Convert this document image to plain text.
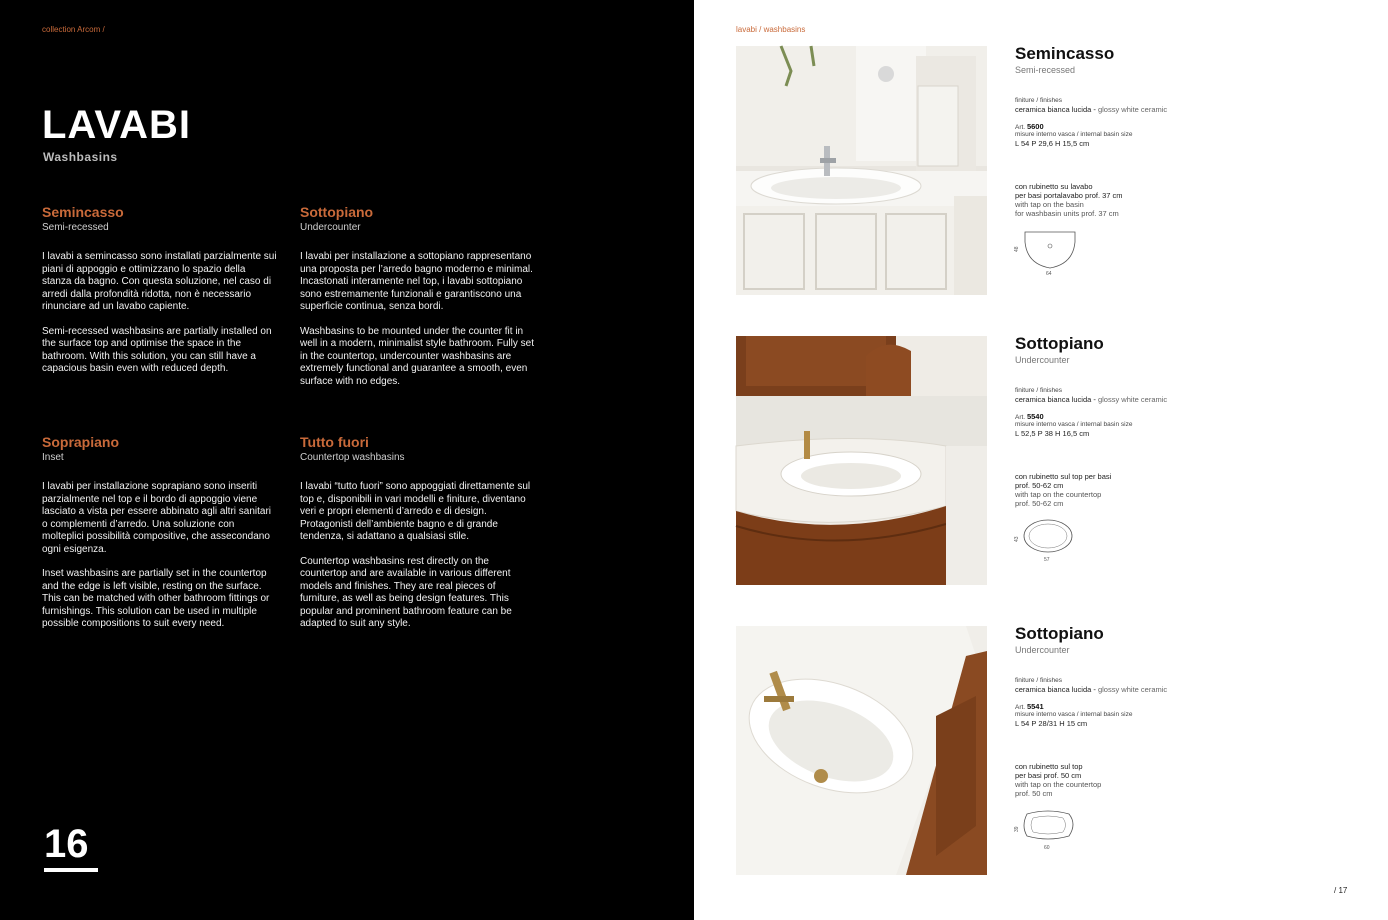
collection Arcom /
LAVABI
Washbasins
Semincasso
Semi-recessed

I lavabi a semincasso sono installati parzialmente sui piani di appoggio e ottimizzano lo spazio della stanza da bagno. Con questa soluzione, nel caso di arredi dalla profondità ridotta, non è necessario rinunciare ad un lavabo capiente.

Semi-recessed washbasins are partially installed on the surface top and optimise the space in the bathroom. With this solution, you can still have a capacious basin even with reduced depth.

Sottopiano
Undercounter

I lavabi per installazione a sottopiano rappresentano una proposta per l’arredo bagno moderno e minimal. Incastonati interamente nel top, i lavabi sottopiano sono estremamente funzionali e garantiscono una superficie continua, senza bordi.

Washbasins to be mounted under the counter fit in well in a modern, minimalist style bathroom. Fully set in the countertop, undercounter washbasins are extremely functional and guarantee a smooth, even surface with no edges.

Soprapiano
Inset

I lavabi per installazione soprapiano sono inseriti parzialmente nel top e il bordo di appoggio viene lasciato a vista per essere abbinato agli altri sanitari o complementi d’arredo. Una soluzione con molteplici possibilità compositive, che assecondano ogni esigenza.

Inset washbasins are partially set in the countertop and the edge is left visible, resting on the surface. This can be matched with other bathroom fittings or furnishings. This solution can be used in multiple possible compositions to suit every need.

Tutto fuori
Countertop washbasins

I lavabi “tutto fuori” sono appoggiati direttamente sul top e, disponibili in vari modelli e finiture, diventano veri e propri elementi d’arredo e di design. Protagonisti dell’ambiente bagno e di grande tendenza, si adattano a qualsiasi stile.

Countertop washbasins rest directly on the countertop and are available in various different models and finishes. They are real pieces of furniture, as well as being design features. This popular and prominent bathroom feature can be adapted to suit any style.

16
lavabi / washbasins
Semincasso
Semi-recessed
finiture / finishes
ceramica bianca lucida - glossy white ceramic
Art. 5600
misure interno vasca / internal basin size
L 54 P 29,6 H 15,5 cm
con rubinetto su lavabo
per basi portalavabo prof. 37 cm
with tap on the basin
for washbasin units prof. 37 cm
48
64
Sottopiano
Undercounter
finiture / finishes
ceramica bianca lucida - glossy white ceramic
Art. 5540
misure interno vasca / internal basin size
L 52,5 P 38 H 16,5 cm
con rubinetto sul top per basi
prof. 50-62 cm
with tap on the countertop
prof. 50-62 cm
43
57
Sottopiano
Undercounter
finiture / finishes
ceramica bianca lucida - glossy white ceramic
Art. 5541
misure interno vasca / internal basin size
L 54 P 28/31 H 15 cm
con rubinetto sul top
per basi prof. 50 cm
with tap on the countertop
prof. 50 cm
39
60
/ 17
